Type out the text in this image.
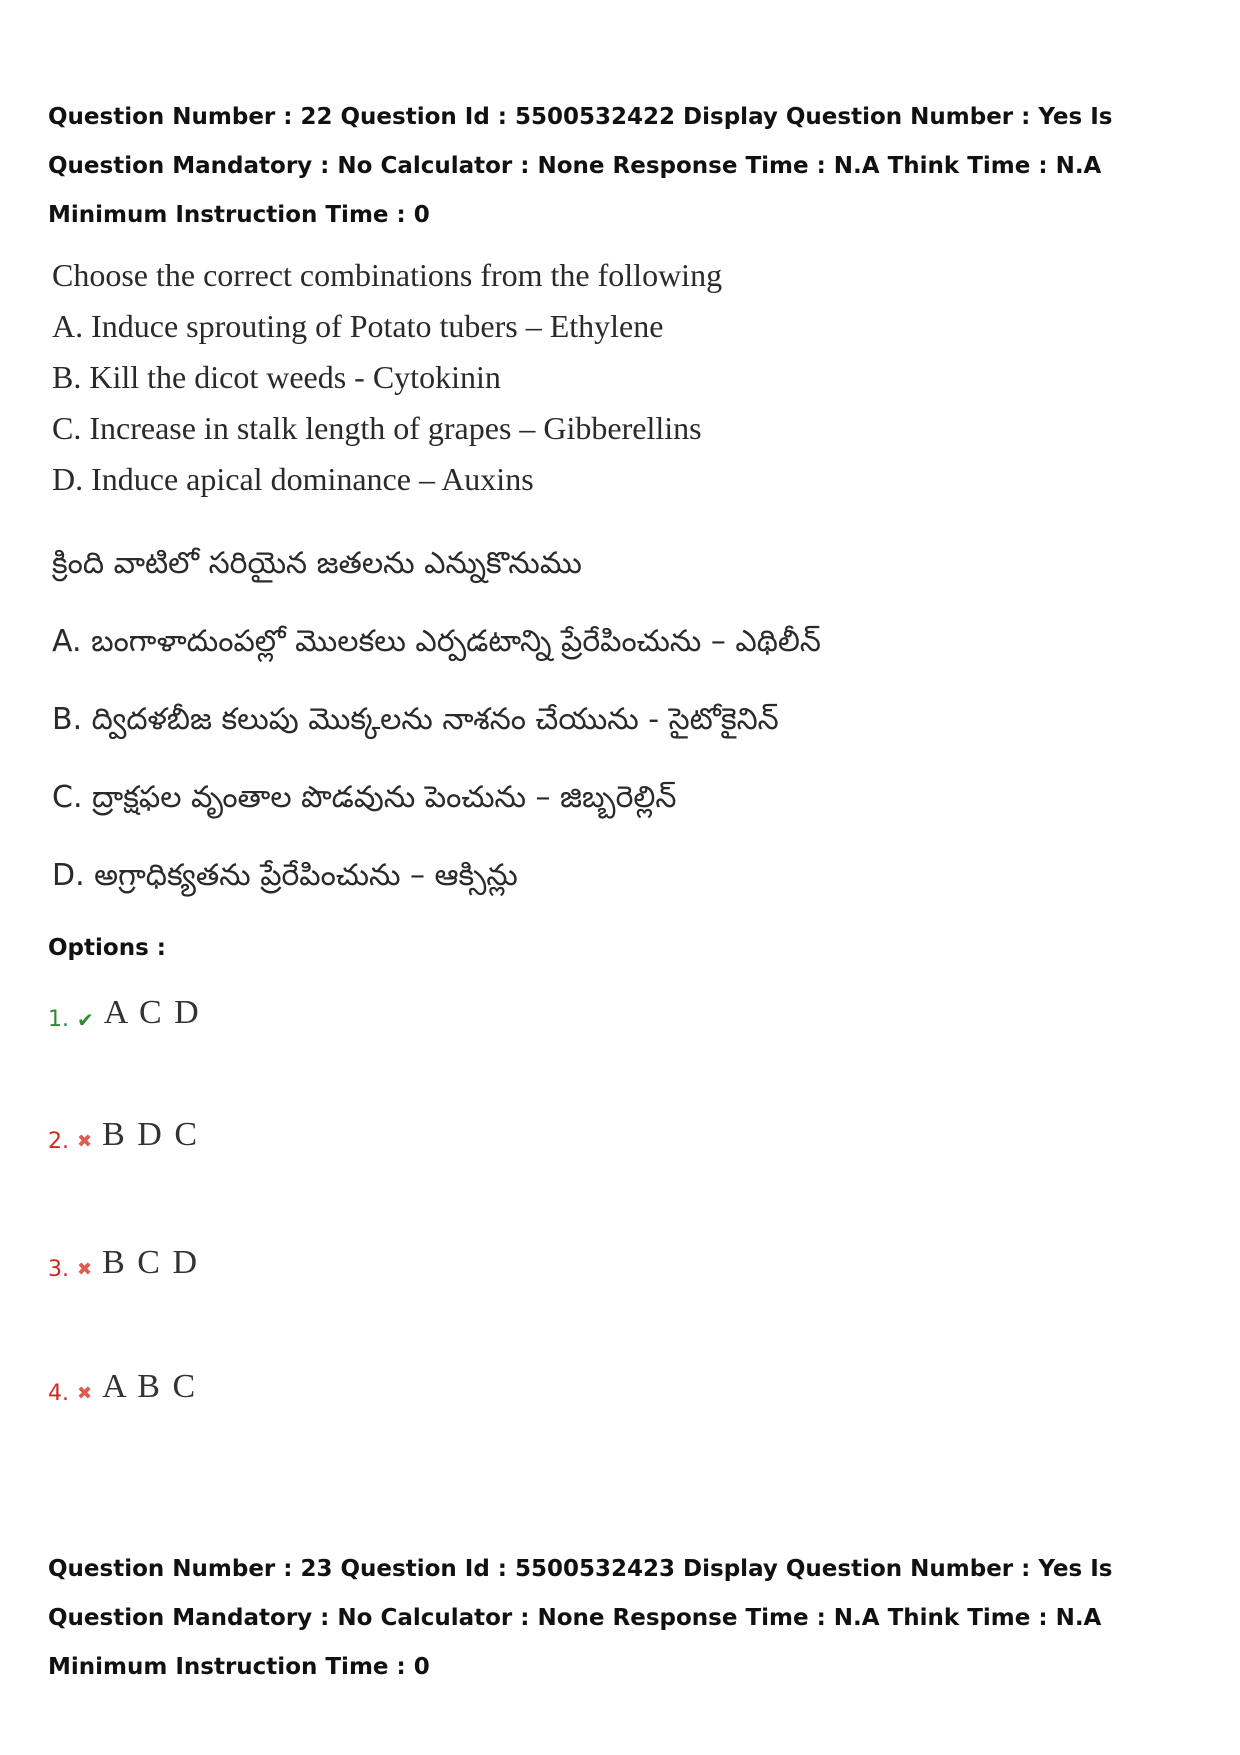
Question Number : 22 Question Id : 5500532422 Display Question Number : Yes Is Question Mandatory : No Calculator : None Response Time : N.A Think Time : N.A Minimum Instruction Time : 0
Choose the correct combinations from the following
A. Induce sprouting of Potato tubers – Ethylene
B. Kill the dicot weeds - Cytokinin
C. Increase in stalk length of grapes – Gibberellins
D. Induce apical dominance – Auxins
క్రింది వాటిలో సరియైన జతలను ఎన్నుకొనుము
A. బంగాళాదుంపల్లో మొలకలు ఎర్పడటాన్ని ప్రేరేపించును – ఎథిలీన్
B. ద్విదళబీజ కలుపు మొక్కలను నాశనం చేయును - సైటోకైనిన్
C. ద్రాక్షఫల వృంతాల పొడవును పెంచును – జిబ్బరెల్లిన్
D. అగ్రాధిక్యతను ప్రేరేపించును – ఆక్సిన్లు
Options :
1. ✔ A C D
2. ✖ B D C
3. ✖ B C D
4. ✖ A B C
Question Number : 23 Question Id : 5500532423 Display Question Number : Yes Is Question Mandatory : No Calculator : None Response Time : N.A Think Time : N.A Minimum Instruction Time : 0
